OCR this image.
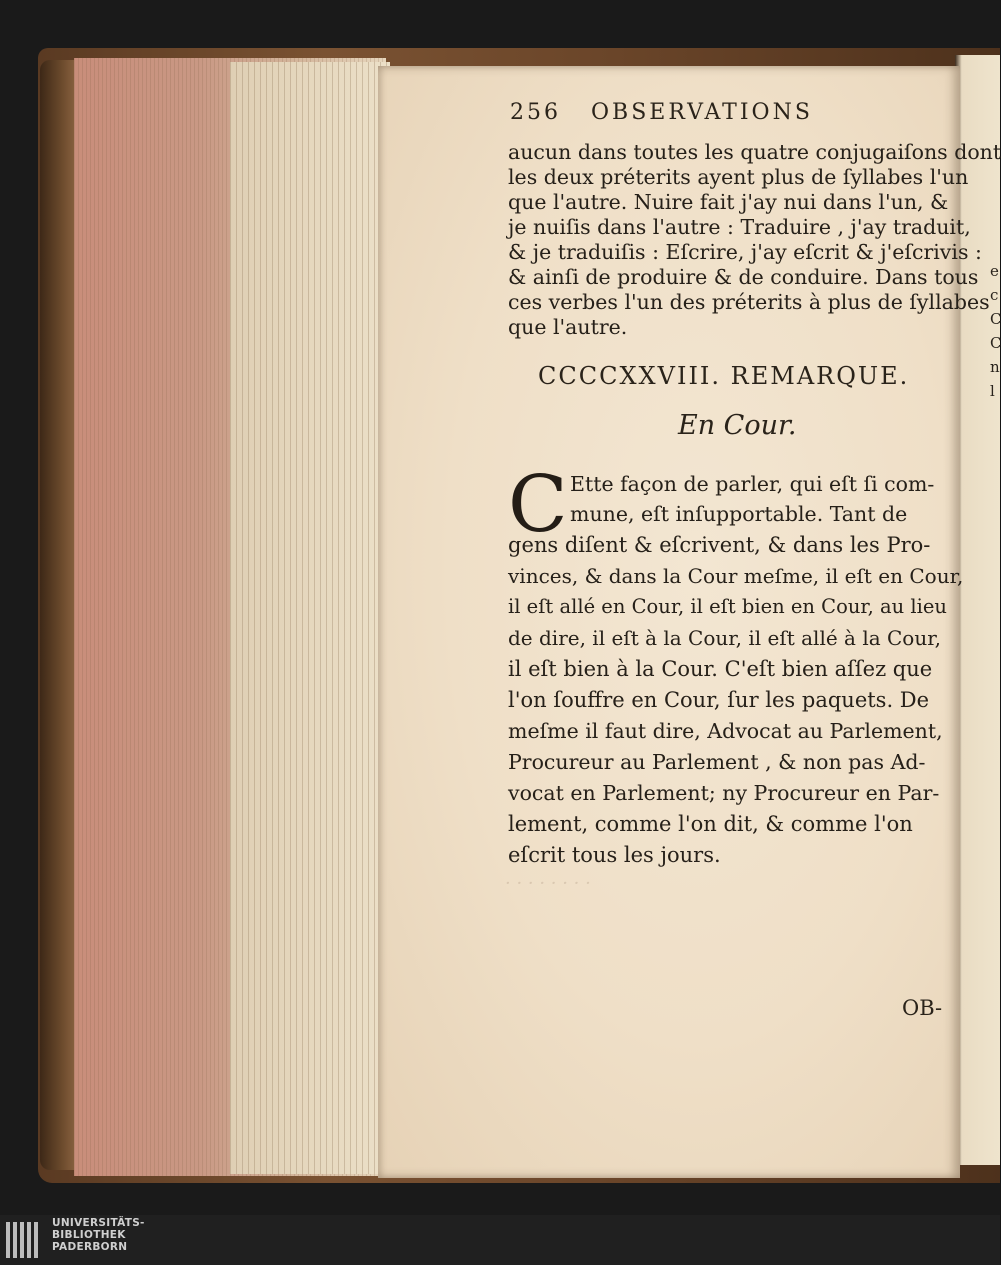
e
c
C
C
n
l
· · · · · · · ·
256 OBSERVATIONS
aucun dans toutes les quatre conjugaiſons dont
les deux préterits ayent plus de ſyllabes l'un
que l'autre. Nuire fait j'ay nui dans l'un, &
je nuiſis dans l'autre : Traduire , j'ay traduit,
& je traduiſis : Eſcrire, j'ay eſcrit & j'eſcrivis :
& ainſi de produire & de conduire. Dans tous
ces verbes l'un des préterits à plus de ſyllabes
que l'autre.
CCCCXXVIII. REMARQUE.
En Cour.
C Ette façon de parler, qui eſt ſi com-
mune, eſt inſupportable. Tant de
gens diſent & eſcrivent, & dans les Pro-
vinces, & dans la Cour meſme, il eſt en Cour,
il eſt allé en Cour, il eſt bien en Cour, au lieu
de dire, il eſt à la Cour, il eſt allé à la Cour,
il eſt bien à la Cour. C'eſt bien aſſez que
l'on ſouffre en Cour, ſur les paquets. De
meſme il faut dire, Advocat au Parlement,
Procureur au Parlement , & non pas Ad-
vocat en Parlement; ny Procureur en Par-
lement, comme l'on dit, & comme l'on
eſcrit tous les jours.
OB-
UNIVERSITÄTS-
BIBLIOTHEK
PADERBORN
